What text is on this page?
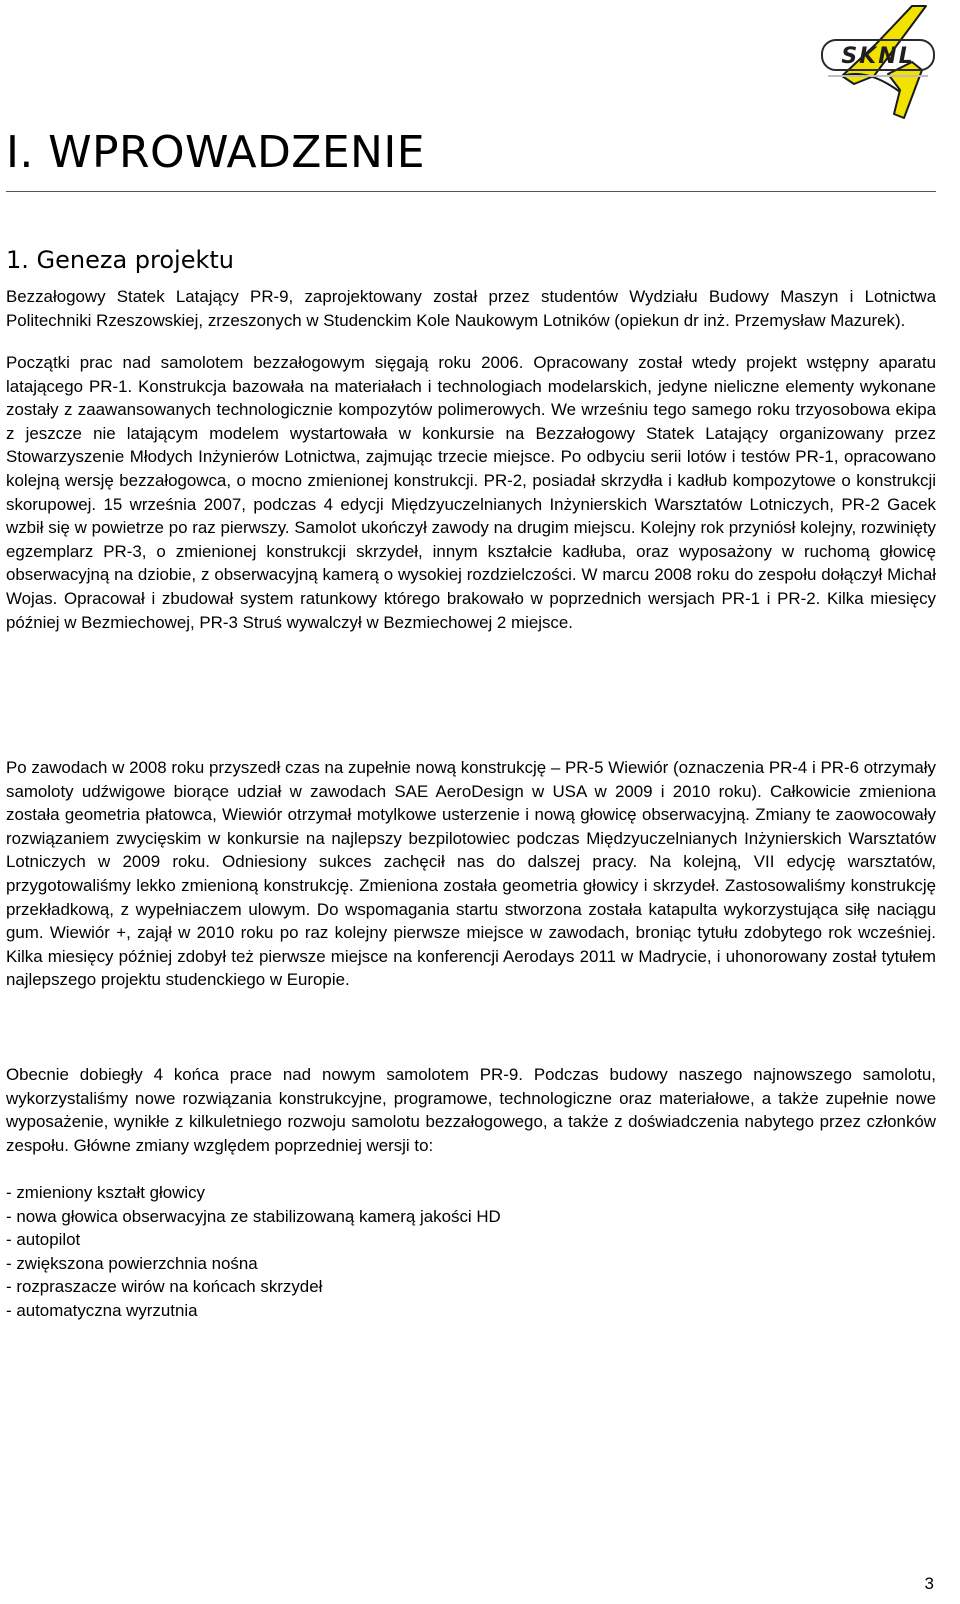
SKNL
I. WPROWADZENIE
1. Geneza projektu

Bezzałogowy Statek Latający PR-9, zaprojektowany został przez studentów Wydziału Budowy Maszyn i Lotnictwa Politechniki Rzeszowskiej, zrzeszonych w Studenckim Kole Naukowym Lotników (opiekun dr inż. Przemysław Mazurek).

Początki prac nad samolotem bezzałogowym sięgają roku 2006. Opracowany został wtedy projekt wstępny aparatu latającego PR-1. Konstrukcja bazowała na materiałach i technologiach modelarskich, jedyne nieliczne elementy wykonane zostały z zaawansowanych technologicznie kompozytów polimerowych. We wrześniu tego samego roku trzyosobowa ekipa z jeszcze nie latającym modelem wystartowała w konkursie na Bezzałogowy Statek Latający organizowany przez Stowarzyszenie Młodych Inżynierów Lotnictwa, zajmując trzecie miejsce. Po odbyciu serii lotów i testów PR-1, opracowano kolejną wersję bezzałogowca, o mocno zmienionej konstrukcji. PR-2, posiadał skrzydła i kadłub kompozytowe o konstrukcji skorupowej. 15 września 2007, podczas 4 edycji Międzyuczelnianych Inżynierskich Warsztatów Lotniczych, PR-2 Gacek wzbił się w powietrze po raz pierwszy. Samolot ukończył zawody na drugim miejscu. Kolejny rok przyniósł kolejny, rozwinięty egzemplarz PR-3, o zmienionej konstrukcji skrzydeł, innym kształcie kadłuba, oraz wyposażony w ruchomą głowicę obserwacyjną na dziobie, z obserwacyjną kamerą o wysokiej rozdzielczości. W marcu 2008 roku do zespołu dołączył Michał Wojas. Opracował i zbudował system ratunkowy którego brakowało w poprzednich wersjach PR-1 i PR-2. Kilka miesięcy później w Bezmiechowej, PR-3 Struś wywalczył w Bezmiechowej 2 miejsce.

Po zawodach w 2008 roku przyszedł czas na zupełnie nową konstrukcję – PR-5 Wiewiór (oznaczenia PR-4 i PR-6 otrzymały samoloty udźwigowe biorące udział w zawodach SAE AeroDesign w USA w 2009 i 2010 roku). Całkowicie zmieniona została geometria płatowca, Wiewiór otrzymał motylkowe usterzenie i nową głowicę obserwacyjną. Zmiany te zaowocowały rozwiązaniem zwycięskim w konkursie na najlepszy bezpilotowiec podczas Międzyuczelnianych Inżynierskich Warsztatów Lotniczych w 2009 roku. Odniesiony sukces zachęcił nas do dalszej pracy. Na kolejną, VII edycję warsztatów, przygotowaliśmy lekko zmienioną konstrukcję. Zmieniona została geometria głowicy i skrzydeł. Zastosowaliśmy konstrukcję przekładkową, z wypełniaczem ulowym. Do wspomagania startu stworzona została katapulta wykorzystująca siłę naciągu gum. Wiewiór +, zajął w 2010 roku po raz kolejny pierwsze miejsce w zawodach, broniąc tytułu zdobytego rok wcześniej. Kilka miesięcy później zdobył też pierwsze miejsce na konferencji Aerodays 2011 w Madrycie, i uhonorowany został tytułem najlepszego projektu studenckiego w Europie.

Obecnie dobiegły 4 końca prace nad nowym samolotem PR-9. Podczas budowy naszego najnowszego samolotu, wykorzystaliśmy nowe rozwiązania konstrukcyjne, programowe, technologiczne oraz materiałowe, a także zupełnie nowe wyposażenie, wynikłe z kilkuletniego rozwoju samolotu bezzałogowego, a także z doświadczenia nabytego przez członków zespołu. Główne zmiany względem poprzedniej wersji to:

- zmieniony kształt głowicy
- nowa głowica obserwacyjna ze stabilizowaną kamerą jakości HD
- autopilot
- zwiększona powierzchnia nośna
- rozpraszacze wirów na końcach skrzydeł
- automatyczna wyrzutnia
3
